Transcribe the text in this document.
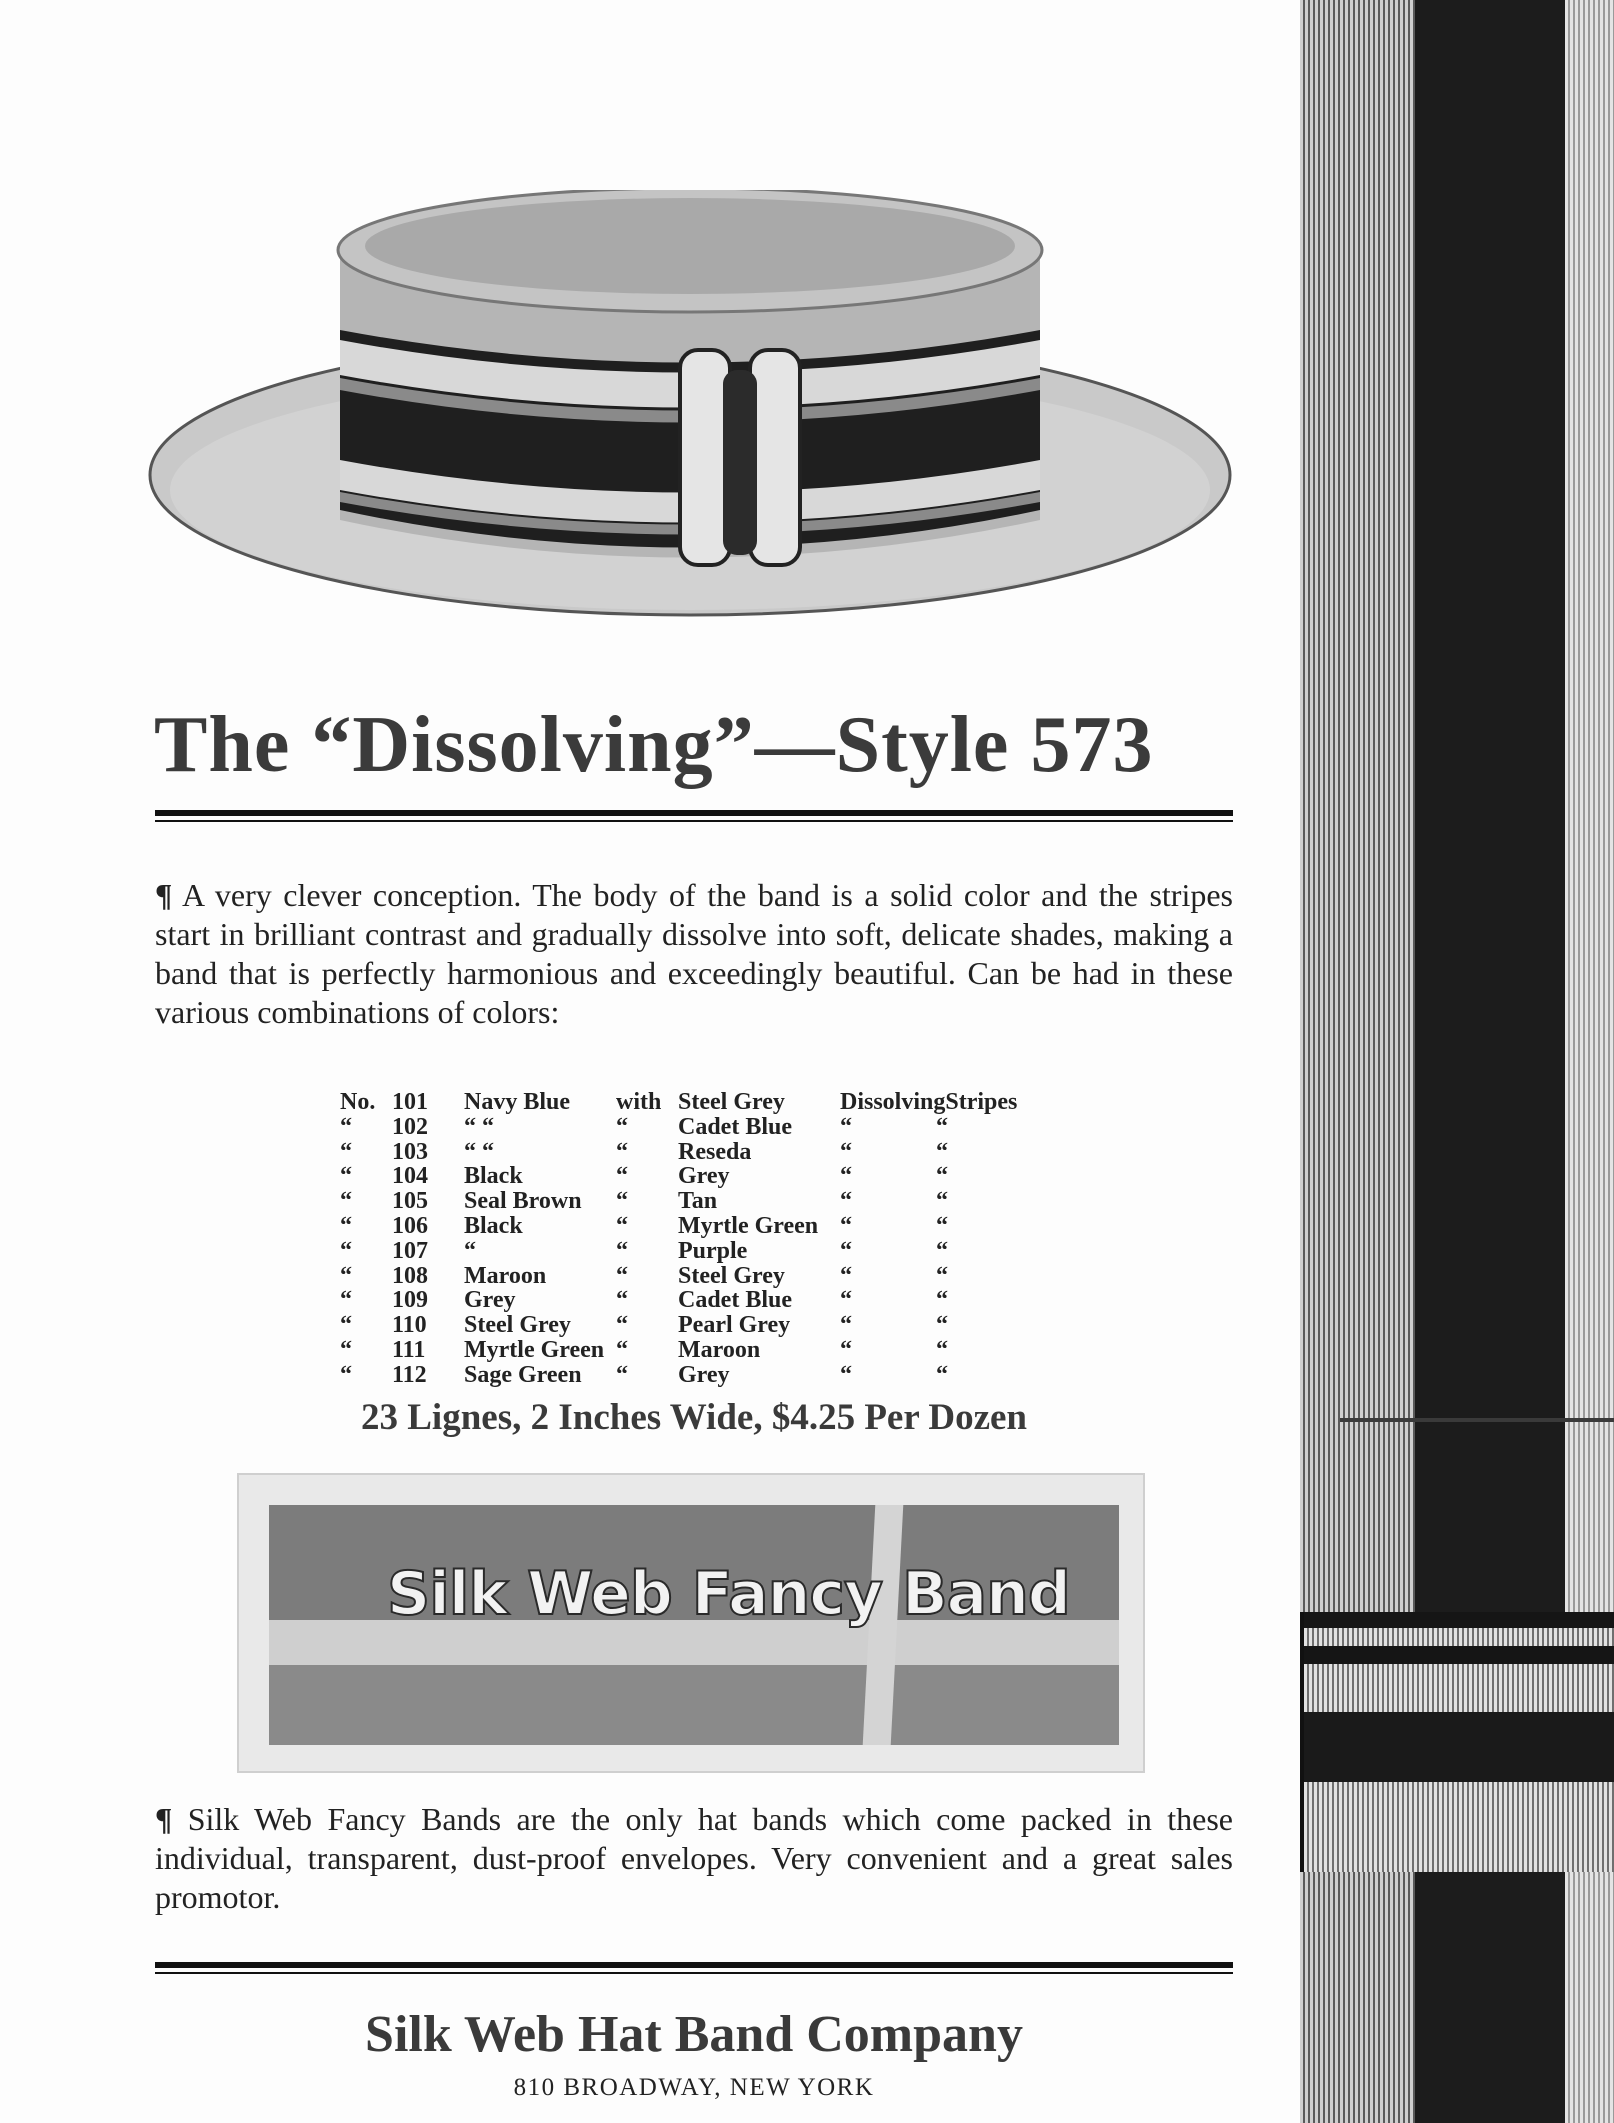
The “Dissolving”—Style 573
¶ A very clever conception. The body of the band is a solid color and the stripes start in brilliant contrast and gradually dissolve into soft, delicate shades, making a band that is perfectly harmonious and exceedingly beautiful. Can be had in these various combinations of colors:
No.	101	Navy Blue	with	Steel Grey	Dissolving	Stripes
“	102	“ “	“	Cadet Blue	“	“
“	103	“ “	“	Reseda	“	“
“	104	Black	“	Grey	“	“
“	105	Seal Brown	“	Tan	“	“
“	106	Black	“	Myrtle Green	“	“
“	107	“	“	Purple	“	“
“	108	Maroon	“	Steel Grey	“	“
“	109	Grey	“	Cadet Blue	“	“
“	110	Steel Grey	“	Pearl Grey	“	“
“	111	Myrtle Green	“	Maroon	“	“
“	112	Sage Green	“	Grey	“	“
23 Lignes, 2 Inches Wide, $4.25 Per Dozen
Silk Web Fancy Band
¶ Silk Web Fancy Bands are the only hat bands which come packed in these individual, transparent, dust-proof envelopes. Very convenient and a great sales promotor.
Silk Web Hat Band Company
810 BROADWAY, NEW YORK
